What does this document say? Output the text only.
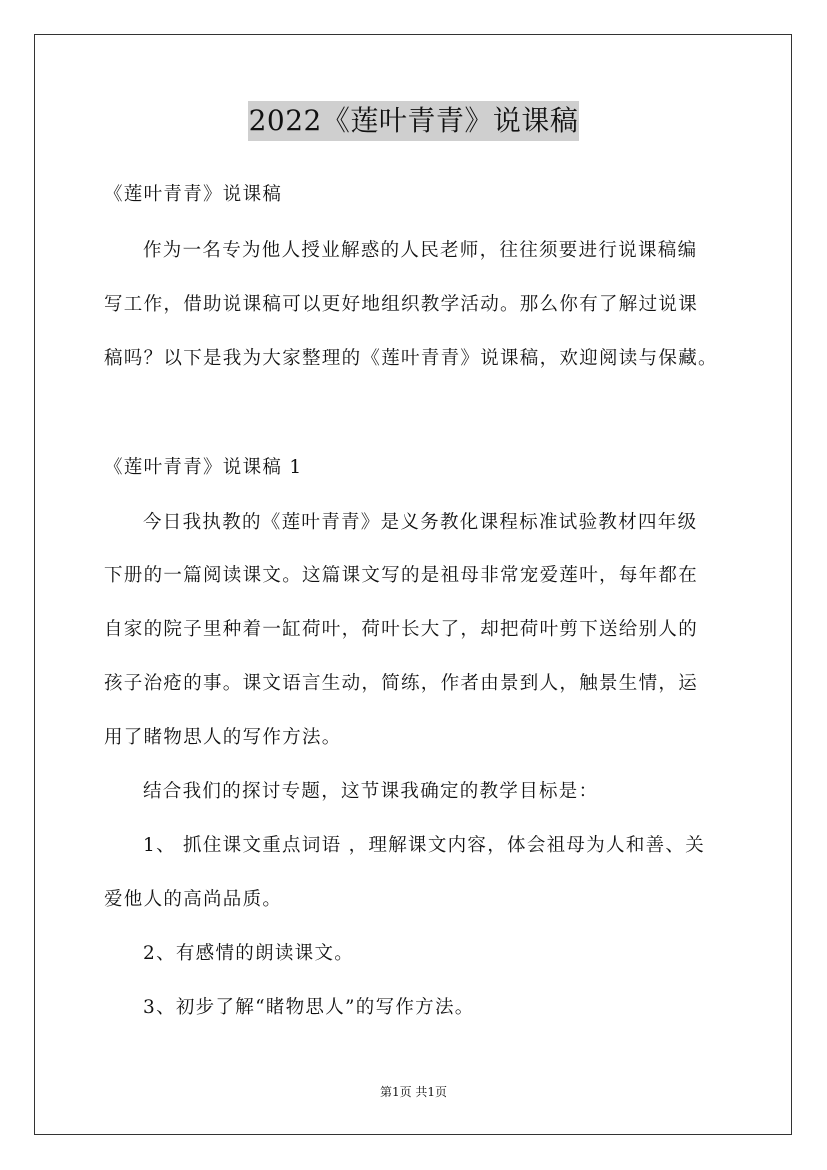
2022《莲叶青青》说课稿
《莲叶青青》说课稿
作为一名专为他人授业解惑的人民老师，往往须要进行说课稿编
写工作，借助说课稿可以更好地组织教学活动。那么你有了解过说课
稿吗？以下是我为大家整理的《莲叶青青》说课稿，欢迎阅读与保藏。
《莲叶青青》说课稿 1
今日我执教的《莲叶青青》是义务教化课程标准试验教材四年级
下册的一篇阅读课文。这篇课文写的是祖母非常宠爱莲叶，每年都在
自家的院子里种着一缸荷叶，荷叶长大了，却把荷叶剪下送给别人的
孩子治疮的事。课文语言生动，简练，作者由景到人，触景生情，运
用了睹物思人的写作方法。
结合我们的探讨专题，这节课我确定的教学目标是：
1、 抓住课文重点词语 ，理解课文内容，体会祖母为人和善、关
爱他人的高尚品质。
2、有感情的朗读课文。
3、初步了解“睹物思人”的写作方法。
第1页 共1页
